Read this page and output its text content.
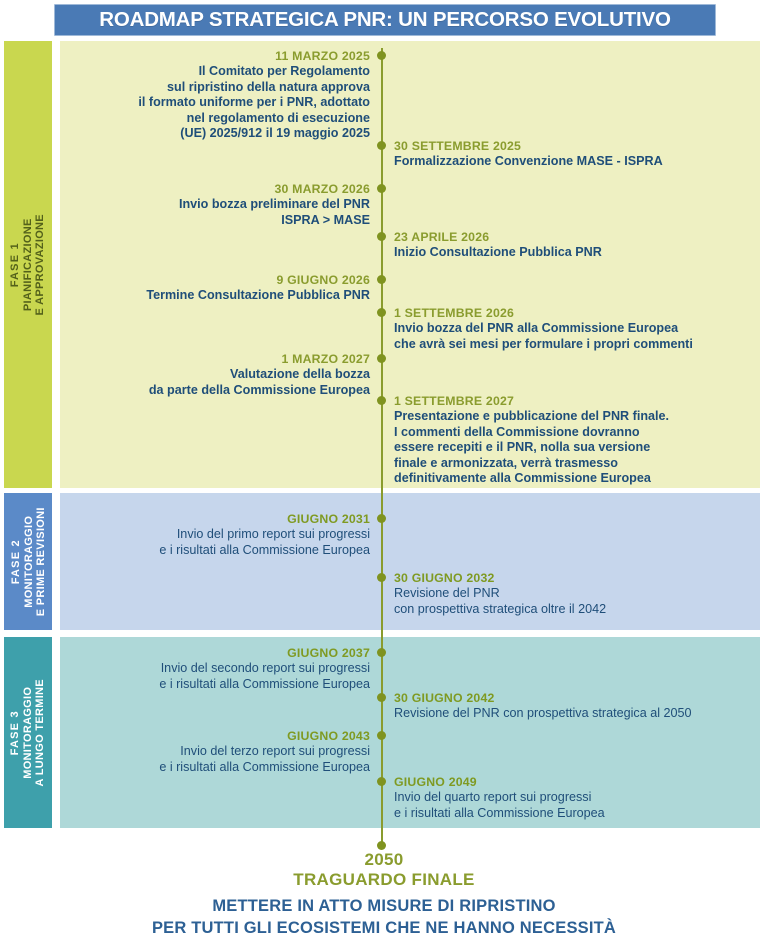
ROADMAP STRATEGICA PNR: UN PERCORSO EVOLUTIVO
FASE 1 PIANIFICAZIONE E APPROVAZIONE
FASE 2 MONITORAGGIO E PRIME REVISIONI
FASE 3 MONITORAGGIO A LUNGO TERMINE
11 MARZO 2025
Il Comitato per Regolamento
sul ripristino della natura approva
il formato uniforme per i PNR, adottato
nel regolamento di esecuzione
(UE) 2025/912 il 19 maggio 2025
30 SETTEMBRE 2025
Formalizzazione Convenzione MASE - ISPRA
30 MARZO 2026
Invio bozza preliminare del PNR
ISPRA > MASE
23 APRILE 2026
Inizio Consultazione Pubblica PNR
9 GIUGNO 2026
Termine Consultazione Pubblica PNR
1 SETTEMBRE 2026
Invio bozza del PNR alla Commissione Europea
che avrà sei mesi per formulare i propri commenti
1 MARZO 2027
Valutazione della bozza
da parte della Commissione Europea
1 SETTEMBRE 2027
Presentazione e pubblicazione del PNR finale.
I commenti della Commissione dovranno
essere recepiti e il PNR, nolla sua versione
finale e armonizzata, verrà trasmesso
definitivamente alla Commissione Europea
GIUGNO 2031
Invio del primo report sui progressi
e i risultati alla Commissione Europea
30 GIUGNO 2032
Revisione del PNR
con prospettiva strategica oltre il 2042
GIUGNO 2037
Invio del secondo report sui progressi
e i risultati alla Commissione Europea
30 GIUGNO 2042
Revisione del PNR con prospettiva strategica al 2050
GIUGNO 2043
Invio del terzo report sui progressi
e i risultati alla Commissione Europea
GIUGNO 2049
Invio del quarto report sui progressi
e i risultati alla Commissione Europea
2050
TRAGUARDO FINALE
METTERE IN ATTO MISURE DI RIPRISTINO
PER TUTTI GLI ECOSISTEMI CHE NE HANNO NECESSITÀ
